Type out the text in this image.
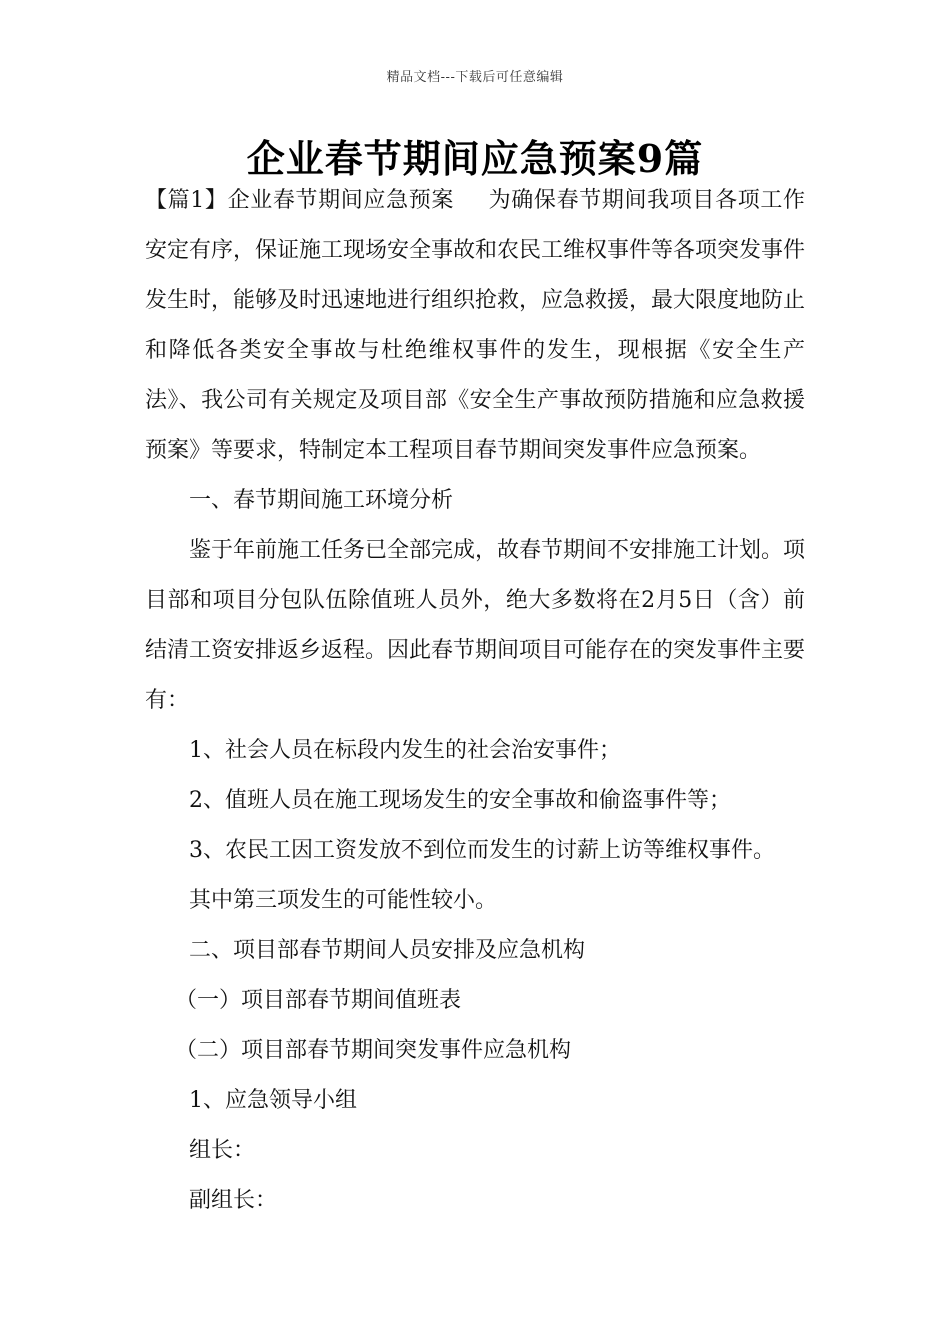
精品文档---下载后可任意编辑
企业春节期间应急预案9篇

【篇1】企业春节期间应急预案 为确保春节期间我项目各项工作安定有序，保证施工现场安全事故和农民工维权事件等各项突发事件发生时，能够及时迅速地进行组织抢救，应急救援，最大限度地防止和降低各类安全事故与杜绝维权事件的发生，现根据《安全生产法》、我公司有关规定及项目部《安全生产事故预防措施和应急救援预案》等要求，特制定本工程项目春节期间突发事件应急预案。

一、春节期间施工环境分析

鉴于年前施工任务已全部完成，故春节期间不安排施工计划。项目部和项目分包队伍除值班人员外，绝大多数将在2月5日（含）前结清工资安排返乡返程。因此春节期间项目可能存在的突发事件主要有：

1、社会人员在标段内发生的社会治安事件；

2、值班人员在施工现场发生的安全事故和偷盗事件等；

3、农民工因工资发放不到位而发生的讨薪上访等维权事件。

其中第三项发生的可能性较小。

二、项目部春节期间人员安排及应急机构

（一）项目部春节期间值班表

（二）项目部春节期间突发事件应急机构

1、应急领导小组

组长：

副组长：
